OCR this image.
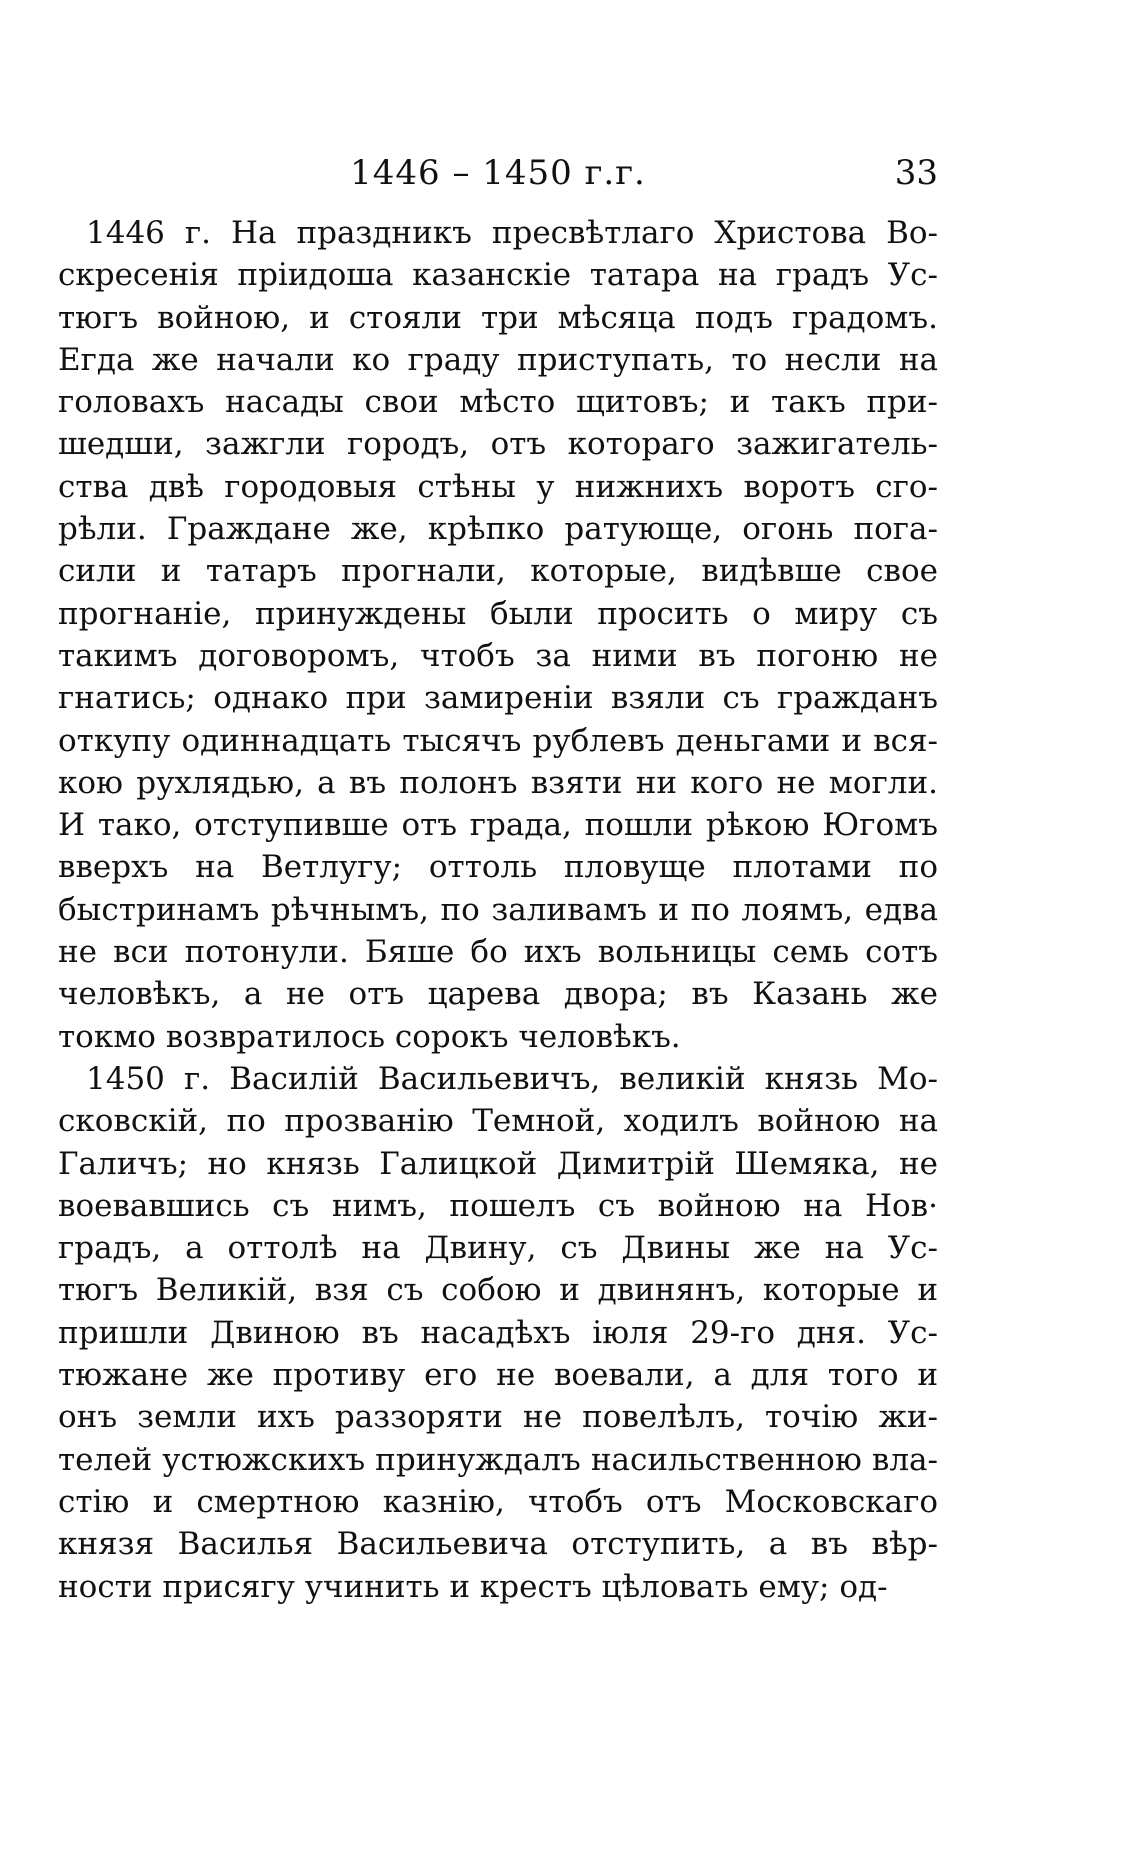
1446 – 1450 г.г.	33
1446 г. На праздникъ пресвѣтлаго Христова Во-
скресенія пріидоша казанскіе татара на градъ Ус-
тюгъ войною, и стояли три мѣсяца подъ градомъ.
Егда же начали ко граду приступать, то несли на
головахъ насады свои мѣсто щитовъ; и такъ при-
шедши, зажгли городъ, отъ котораго зажигатель-
ства двѣ городовыя стѣны у нижнихъ воротъ сго-
рѣли. Граждане же, крѣпко ратующе, огонь пога-
сили и татаръ прогнали, которые, видѣвше свое
прогнаніе, принуждены были просить о миру съ
такимъ договоромъ, чтобъ за ними въ погоню не
гнатись; однако при замиреніи взяли съ гражданъ
откупу одиннадцать тысячъ рублевъ деньгами и вся-
кою рухлядью, а въ полонъ взяти ни кого не могли.
И тако, отступивше отъ града, пошли рѣкою Югомъ
вверхъ на Ветлугу; оттоль пловуще плотами по
быстринамъ рѣчнымъ, по заливамъ и по лоямъ, едва
не вси потонули. Бяше бо ихъ вольницы семь сотъ
человѣкъ, а не отъ царева двора; въ Казань же
токмо возвратилось сорокъ человѣкъ.
1450 г. Василій Васильевичъ, великій князь Мо-
сковскій, по прозванію Темной, ходилъ войною на
Галичъ; но князь Галицкой Димитрій Шемяка, не
воевавшись съ нимъ, пошелъ съ войною на Нов·
градъ, а оттолѣ на Двину, съ Двины же на Ус-
тюгъ Великій, взя съ собою и двинянъ, которые и
пришли Двиною въ насадѣхъ іюля 29-го дня. Ус-
тюжане же противу его не воевали, а для того и
онъ земли ихъ раззоряти не повелѣлъ, точію жи-
телей устюжскихъ принуждалъ насильственною вла-
стію и смертною казнію, чтобъ отъ Московскаго
князя Василья Васильевича отступить, а въ вѣр-
ности присягу учинить и крестъ цѣловать ему; од-
